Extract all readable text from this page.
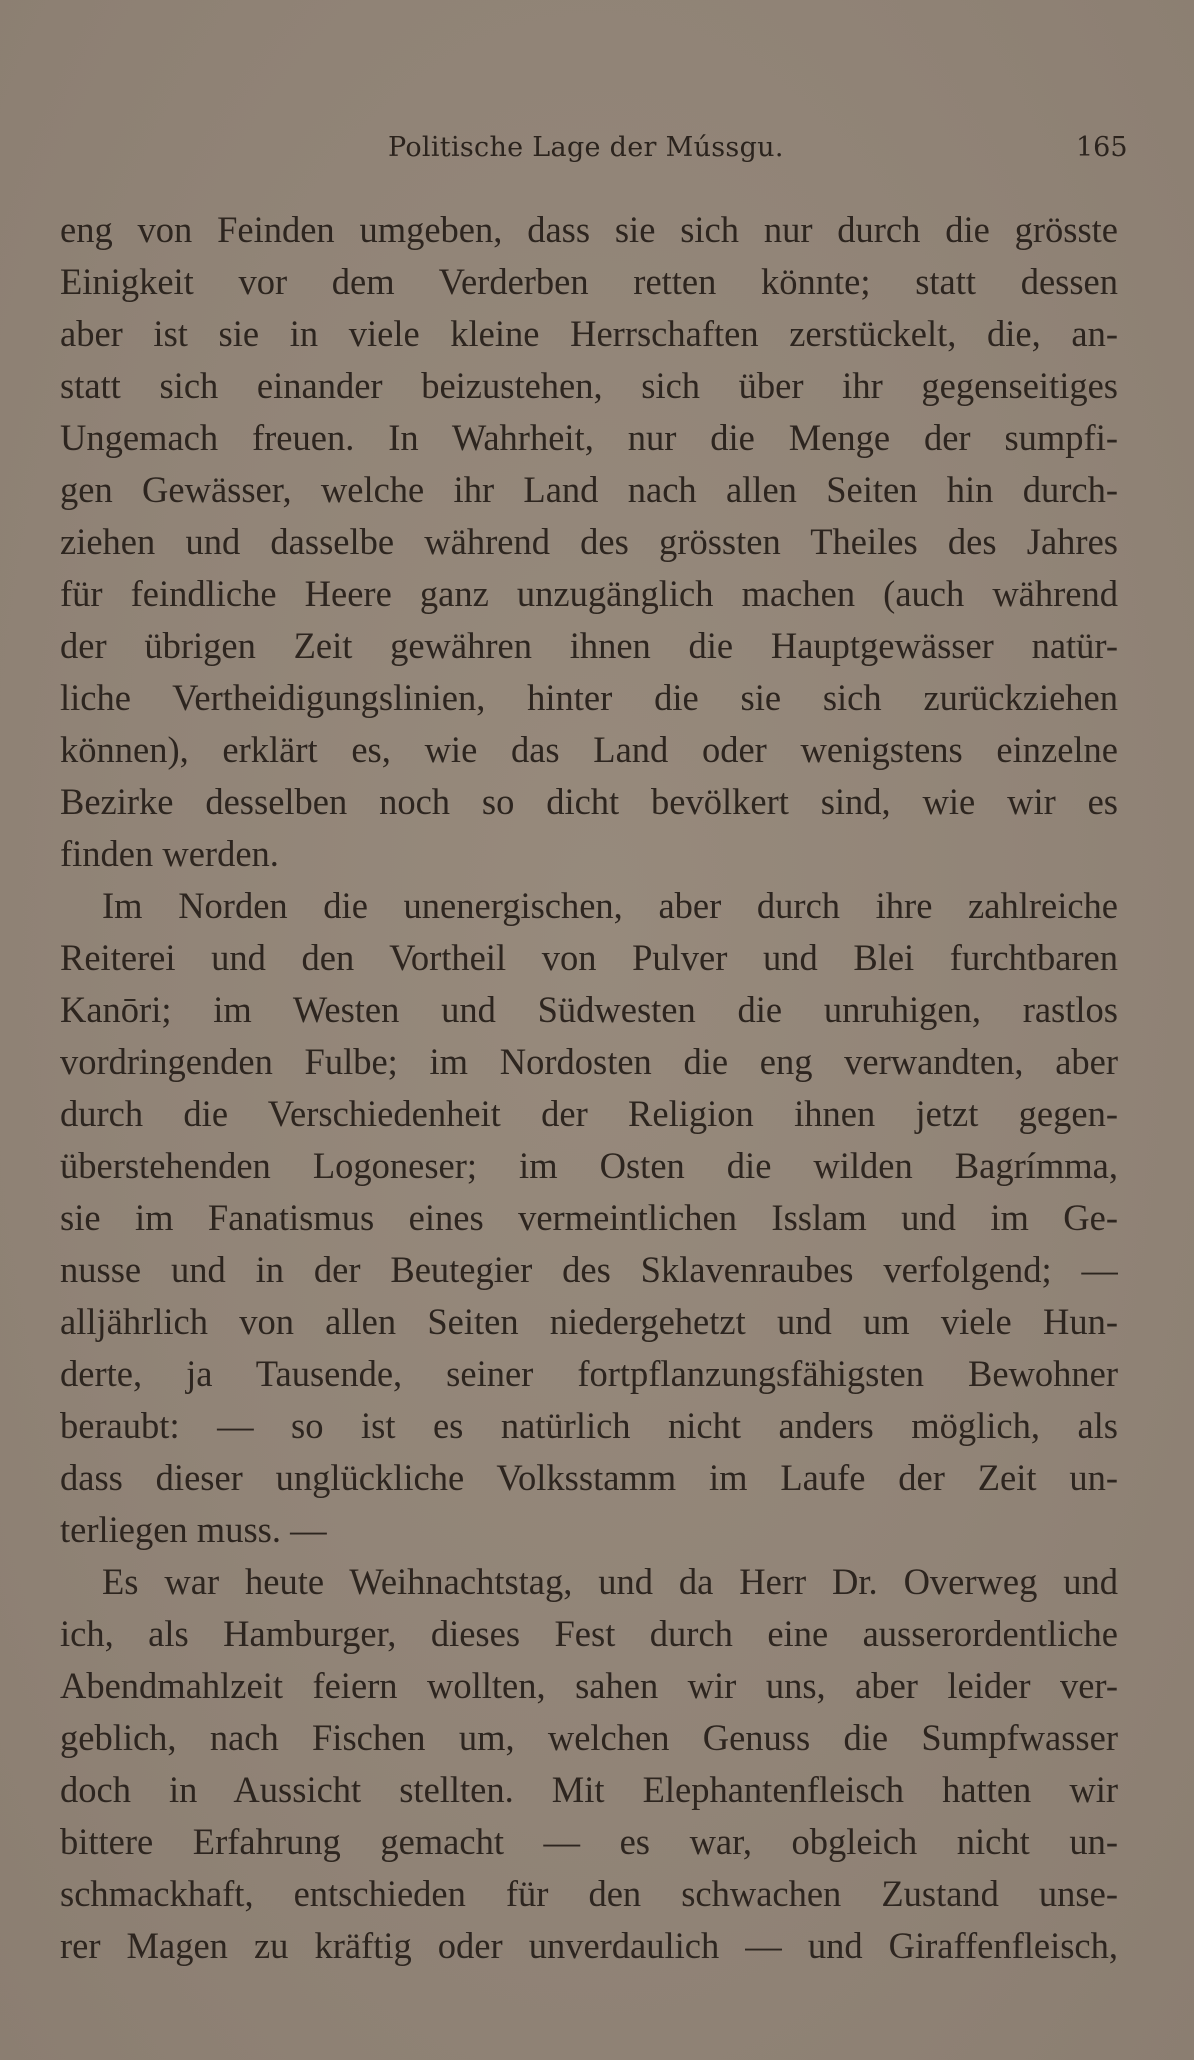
Politische Lage der Mússgu.	165
eng von Feinden umgeben, dass sie sich nur durch die grösste
Einigkeit vor dem Verderben retten könnte; statt dessen
aber ist sie in viele kleine Herrschaften zerstückelt, die, an-
statt sich einander beizustehen, sich über ihr gegenseitiges
Ungemach freuen. In Wahrheit, nur die Menge der sumpfi-
gen Gewässer, welche ihr Land nach allen Seiten hin durch-
ziehen und dasselbe während des grössten Theiles des Jahres
für feindliche Heere ganz unzugänglich machen (auch während
der übrigen Zeit gewähren ihnen die Hauptgewässer natür-
liche Vertheidigungslinien, hinter die sie sich zurückziehen
können), erklärt es, wie das Land oder wenigstens einzelne
Bezirke desselben noch so dicht bevölkert sind, wie wir es
finden werden.
Im Norden die unenergischen, aber durch ihre zahlreiche
Reiterei und den Vortheil von Pulver und Blei furchtbaren
Kanōri; im Westen und Südwesten die unruhigen, rastlos
vordringenden Fulbe; im Nordosten die eng verwandten, aber
durch die Verschiedenheit der Religion ihnen jetzt gegen-
überstehenden Logoneser; im Osten die wilden Bagrímma,
sie im Fanatismus eines vermeintlichen Isslam und im Ge-
nusse und in der Beutegier des Sklavenraubes verfolgend; —
alljährlich von allen Seiten niedergehetzt und um viele Hun-
derte, ja Tausende, seiner fortpflanzungsfähigsten Bewohner
beraubt: — so ist es natürlich nicht anders möglich, als
dass dieser unglückliche Volksstamm im Laufe der Zeit un-
terliegen muss. —
Es war heute Weihnachtstag, und da Herr Dr. Overweg und
ich, als Hamburger, dieses Fest durch eine ausserordentliche
Abendmahlzeit feiern wollten, sahen wir uns, aber leider ver-
geblich, nach Fischen um, welchen Genuss die Sumpfwasser
doch in Aussicht stellten. Mit Elephantenfleisch hatten wir
bittere Erfahrung gemacht — es war, obgleich nicht un-
schmackhaft, entschieden für den schwachen Zustand unse-
rer Magen zu kräftig oder unverdaulich — und Giraffenfleisch,
